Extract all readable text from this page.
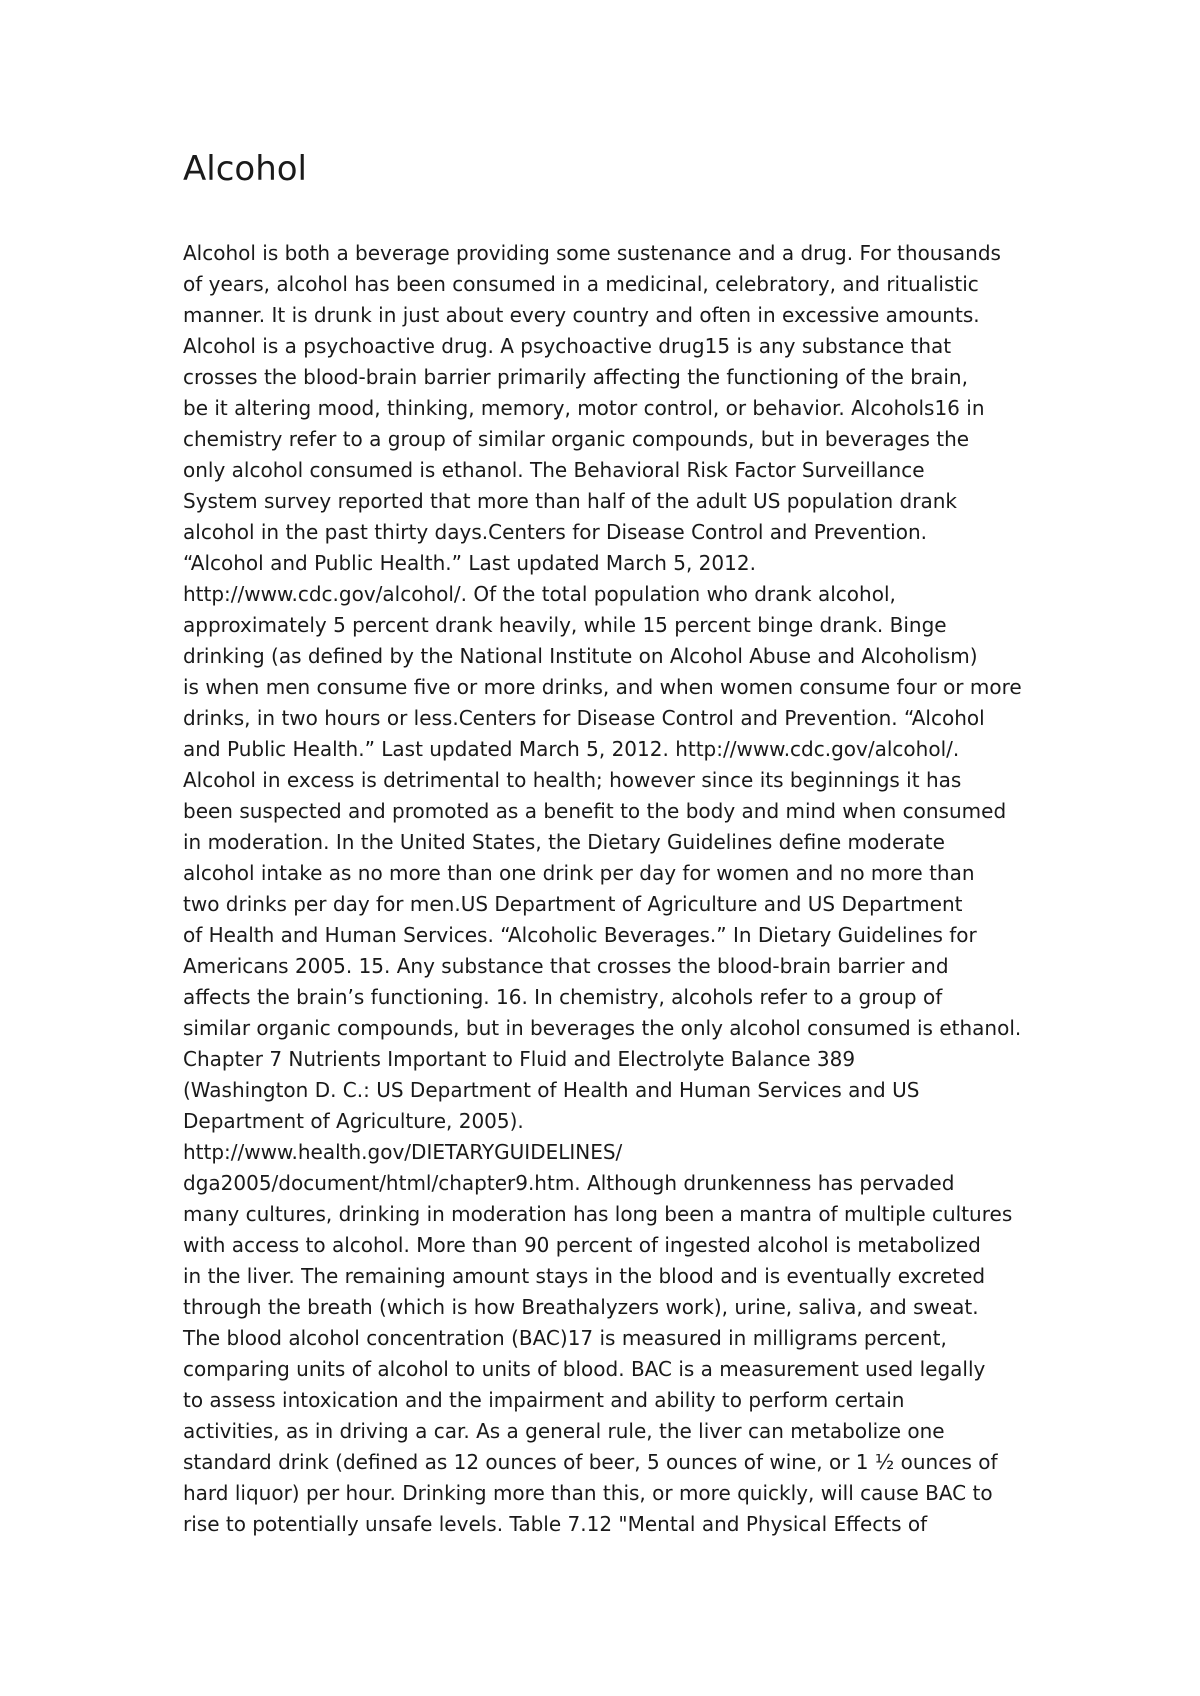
Alcohol
Alcohol is both a beverage providing some sustenance and a drug. For thousands
of years, alcohol has been consumed in a medicinal, celebratory, and ritualistic
manner. It is drunk in just about every country and often in excessive amounts.
Alcohol is a psychoactive drug. A psychoactive drug15 is any substance that
crosses the blood-brain barrier primarily affecting the functioning of the brain,
be it altering mood, thinking, memory, motor control, or behavior. Alcohols16 in
chemistry refer to a group of similar organic compounds, but in beverages the
only alcohol consumed is ethanol. The Behavioral Risk Factor Surveillance
System survey reported that more than half of the adult US population drank
alcohol in the past thirty days.Centers for Disease Control and Prevention.
“Alcohol and Public Health.” Last updated March 5, 2012.
http://www.cdc.gov/alcohol/. Of the total population who drank alcohol,
approximately 5 percent drank heavily, while 15 percent binge drank. Binge
drinking (as defined by the National Institute on Alcohol Abuse and Alcoholism)
is when men consume five or more drinks, and when women consume four or more
drinks, in two hours or less.Centers for Disease Control and Prevention. “Alcohol
and Public Health.” Last updated March 5, 2012. http://www.cdc.gov/alcohol/.
Alcohol in excess is detrimental to health; however since its beginnings it has
been suspected and promoted as a benefit to the body and mind when consumed
in moderation. In the United States, the Dietary Guidelines define moderate
alcohol intake as no more than one drink per day for women and no more than
two drinks per day for men.US Department of Agriculture and US Department
of Health and Human Services. “Alcoholic Beverages.” In Dietary Guidelines for
Americans 2005. 15. Any substance that crosses the blood-brain barrier and
affects the brain’s functioning. 16. In chemistry, alcohols refer to a group of
similar organic compounds, but in beverages the only alcohol consumed is ethanol.
Chapter 7 Nutrients Important to Fluid and Electrolyte Balance 389
(Washington D. C.: US Department of Health and Human Services and US
Department of Agriculture, 2005).
http://www.health.gov/DIETARYGUIDELINES/
dga2005/document/html/chapter9.htm. Although drunkenness has pervaded
many cultures, drinking in moderation has long been a mantra of multiple cultures
with access to alcohol. More than 90 percent of ingested alcohol is metabolized
in the liver. The remaining amount stays in the blood and is eventually excreted
through the breath (which is how Breathalyzers work), urine, saliva, and sweat.
The blood alcohol concentration (BAC)17 is measured in milligrams percent,
comparing units of alcohol to units of blood. BAC is a measurement used legally
to assess intoxication and the impairment and ability to perform certain
activities, as in driving a car. As a general rule, the liver can metabolize one
standard drink (defined as 12 ounces of beer, 5 ounces of wine, or 1 ½ ounces of
hard liquor) per hour. Drinking more than this, or more quickly, will cause BAC to
rise to potentially unsafe levels. Table 7.12 "Mental and Physical Effects of
